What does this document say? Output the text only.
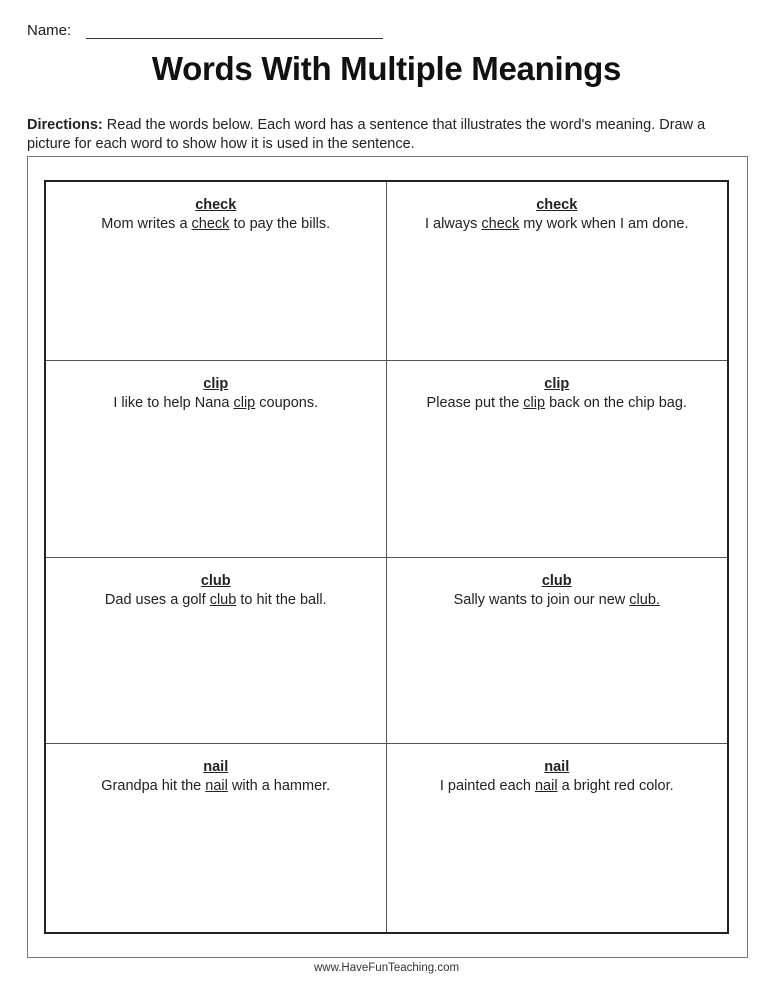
Name:
Words With Multiple Meanings
Directions: Read the words below. Each word has a sentence that illustrates the word's meaning. Draw a picture for each word to show how it is used in the sentence.
check
Mom writes a check to pay the bills.
check
I always check my work when I am done.
clip
I like to help Nana clip coupons.
clip
Please put the clip back on the chip bag.
club
Dad uses a golf club to hit the ball.
club
Sally wants to join our new club.
nail
Grandpa hit the nail with a hammer.
nail
I painted each nail a bright red color.
www.HaveFunTeaching.com
